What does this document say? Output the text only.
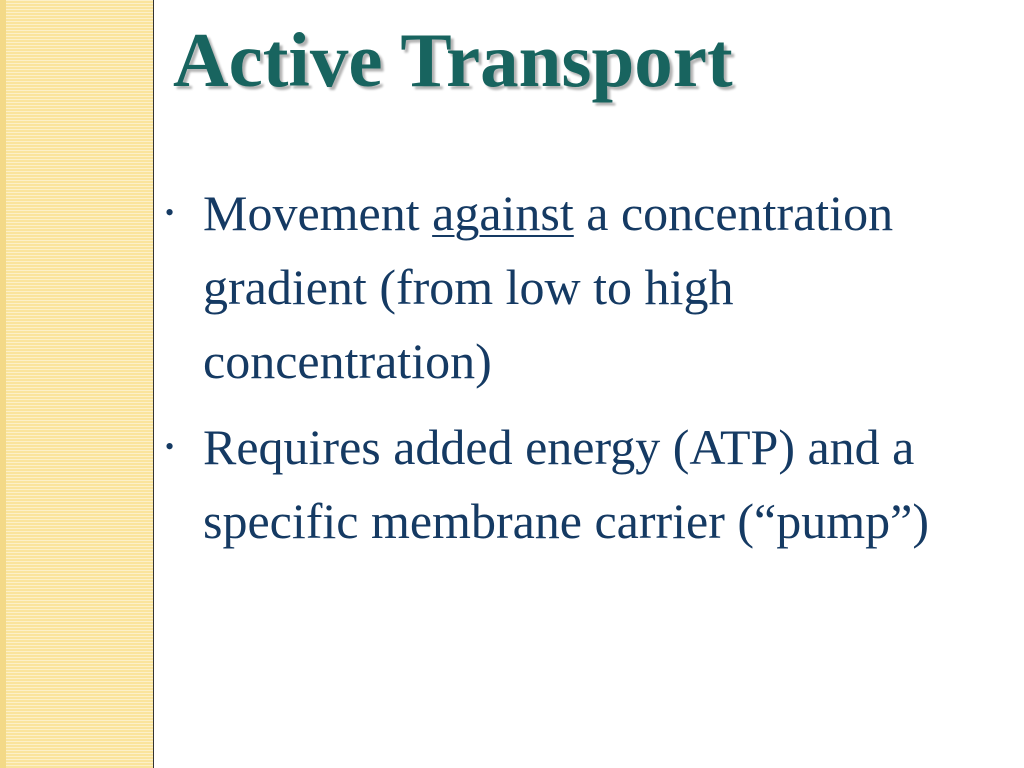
Active Transport
• Movement against a concentration gradient (from low to high concentration)
• Requires added energy (ATP) and a specific membrane carrier (“pump”)
